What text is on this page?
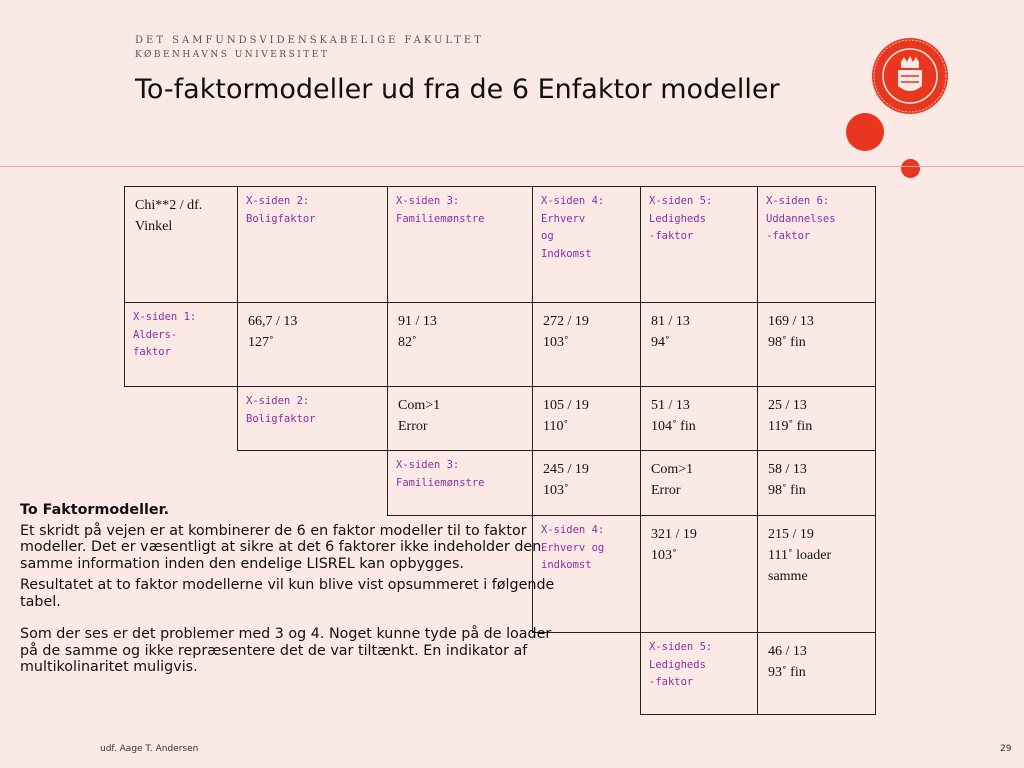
DET SAMFUNDSVIDENSKABELIGE FAKULTET
KØBENHAVNS UNIVERSITET
To-faktormodeller ud fra de 6 Enfaktor modeller
Chi**2 / df.
Vinkel
X-siden 2:
Boligfaktor
X-siden 3:
Familiemønstre
X-siden 4:
Erhverv
og
Indkomst
X-siden 5:
Ledigheds
-faktor
X-siden 6:
Uddannelses
-faktor
X-siden 1:
Alders-
faktor
66,7 / 13
127˚
91 / 13
82˚
272 / 19
103˚
81 / 13
94˚
169 / 13
98˚ fin
X-siden 2:
Boligfaktor
Com>1
Error
105 / 19
110˚
51 / 13
104˚ fin
25 / 13
119˚ fin
X-siden 3:
Familiemønstre
245 / 19
103˚
Com>1
Error
58 / 13
98˚ fin
X-siden 4:
Erhverv og
indkomst
321 / 19
103˚
215 / 19
111˚ loader
samme
X-siden 5:
Ledigheds
-faktor
46 / 13
93˚ fin
To Faktormodeller.

Et skridt på vejen er at kombinerer de 6 en faktor modeller til to faktor modeller. Det er væsentligt at sikre at det 6 faktorer ikke indeholder den samme information inden den endelige LISREL kan opbygges.

Resultatet at to faktor modellerne vil kun blive vist opsummeret i følgende tabel.

Som der ses er det problemer med 3 og 4. Noget kunne tyde på de loader på de samme og ikke repræsentere det de var tiltænkt. En indikator af multikolinaritet muligvis.

udf. Aage T. Andersen	29
